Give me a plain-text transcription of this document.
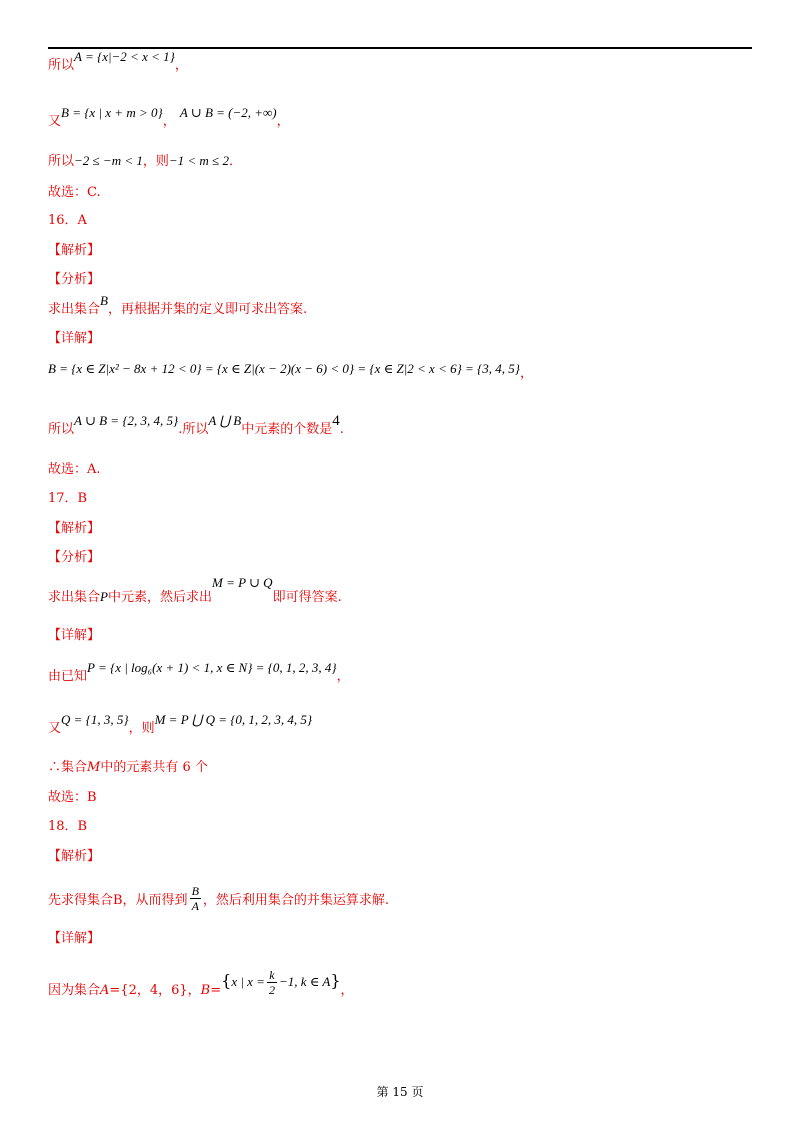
所以A = {x|−2 < x < 1}，
又B = {x | x + m > 0}， A ∪ B = (−2, +∞)，
所以−2 ≤ −m < 1，则−1 < m ≤ 2．
故选：C.
16．A
【解析】
【分析】
求出集合B，再根据并集的定义即可求出答案.
【详解】
B = {x ∈ Z|x² − 8x + 12 < 0} = {x ∈ Z|(x − 2)(x − 6) < 0} = {x ∈ Z|2 < x < 6} = {3, 4, 5}，
所以A ∪ B = {2, 3, 4, 5}.所以A ⋃ B中元素的个数是4.
故选：A.
17．B
【解析】
【分析】
求出集合P中元素，然后求出M = P ∪ Q即可得答案.
【详解】
由已知P = {x | log₆(x + 1) < 1, x ∈ N} = {0, 1, 2, 3, 4}，
又Q = {1, 3, 5}，则M = P ⋃ Q = {0, 1, 2, 3, 4, 5}
∴集合M中的元素共有 6 个
故选：B
18．B
【解析】
先求得集合B，从而得到 $\frac{B}{A}$ ，然后利用集合的并集运算求解.
【详解】
因为集合A={2，4，6}，B={x | $x = \frac{k}{2} -1$, k ∈ A}，
第 15 页
